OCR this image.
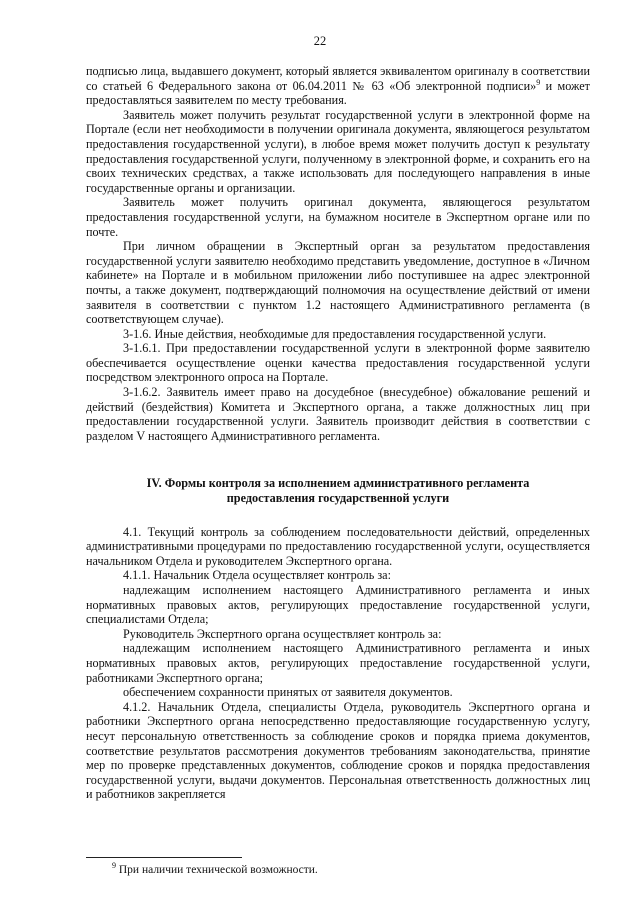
22

подписью лица, выдавшего документ, который является эквивалентом оригиналу в соответствии со статьей 6 Федерального закона от 06.04.2011 № 63 «Об электронной подписи»$^9$ и может предоставляться заявителем по месту требования.

Заявитель может получить результат государственной услуги в электронной форме на Портале (если нет необходимости в получении оригинала документа, являющегося результатом предоставления государственной услуги), в любое время может получить доступ к результату предоставления государственной услуги, полученному в электронной форме, и сохранить его на своих технических средствах, а также использовать для последующего направления в иные государственные органы и организации.

Заявитель может получить оригинал документа, являющегося результатом предоставления государственной услуги, на бумажном носителе в Экспертном органе или по почте.

При личном обращении в Экспертный орган за результатом предоставления государственной услуги заявителю необходимо представить уведомление, доступное в «Личном кабинете» на Портале и в мобильном приложении либо поступившее на адрес электронной почты, а также документ, подтверждающий полномочия на осуществление действий от имени заявителя в соответствии с пунктом 1.2 настоящего Административного регламента (в соответствующем случае).

3-1.6. Иные действия, необходимые для предоставления государственной услуги.

3-1.6.1. При предоставлении государственной услуги в электронной форме заявителю обеспечивается осуществление оценки качества предоставления государственной услуги посредством электронного опроса на Портале.

3-1.6.2. Заявитель имеет право на досудебное (внесудебное) обжалование решений и действий (бездействия) Комитета и Экспертного органа, а также должностных лиц при предоставлении государственной услуги. Заявитель производит действия в соответствии с разделом V настоящего Административного регламента.

IV. Формы контроля за исполнением административного регламента предоставления государственной услуги

4.1. Текущий контроль за соблюдением последовательности действий, определенных административными процедурами по предоставлению государственной услуги, осуществляется начальником Отдела и руководителем Экспертного органа.

4.1.1. Начальник Отдела осуществляет контроль за:

надлежащим исполнением настоящего Административного регламента и иных нормативных правовых актов, регулирующих предоставление государственной услуги, специалистами Отдела;

Руководитель Экспертного органа осуществляет контроль за:

надлежащим исполнением настоящего Административного регламента и иных нормативных правовых актов, регулирующих предоставление государственной услуги, работниками Экспертного органа;

обеспечением сохранности принятых от заявителя документов.

4.1.2. Начальник Отдела, специалисты Отдела, руководитель Экспертного органа и работники Экспертного органа непосредственно предоставляющие государственную услугу, несут персональную ответственность за соблюдение сроков и порядка приема документов, соответствие результатов рассмотрения документов требованиям законодательства, принятие мер по проверке представленных документов, соблюдение сроков и порядка предоставления государственной услуги, выдачи документов. Персональная ответственность должностных лиц и работников закрепляется

$^9$ При наличии технической возможности.
